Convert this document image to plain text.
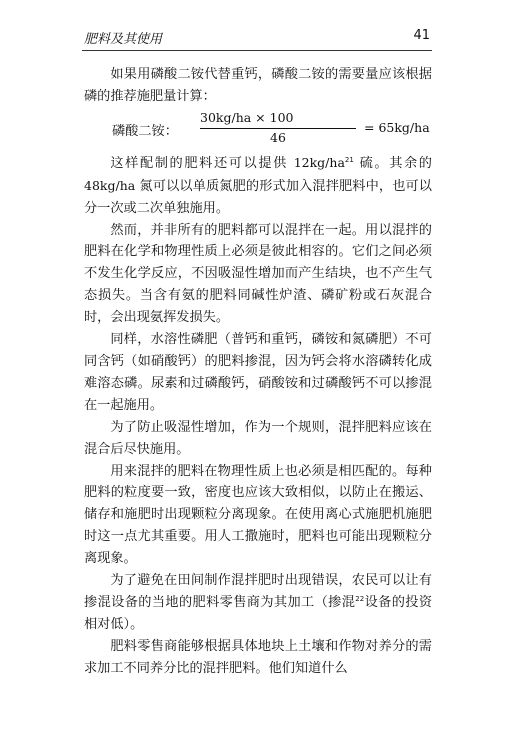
肥料及其使用	41

如果用磷酸二铵代替重钙，磷酸二铵的需要量应该根据磷的推荐施肥量计算：

磷酸二铵：
30kg/ha × 100
46
= 65kg/ha

这样配制的肥料还可以提供 $12kg/ha^{21}$ 硫。其余的 48kg/ha 氮可以以单质氮肥的形式加入混拌肥料中，也可以分一次或二次单独施用。

然而，并非所有的肥料都可以混拌在一起。用以混拌的肥料在化学和物理性质上必须是彼此相容的。它们之间必须不发生化学反应，不因吸湿性增加而产生结块，也不产生气态损失。当含有氨的肥料同碱性炉渣、磷矿粉或石灰混合时，会出现氨挥发损失。

同样，水溶性磷肥（普钙和重钙，磷铵和氮磷肥）不可同含钙（如硝酸钙）的肥料掺混，因为钙会将水溶磷转化成难溶态磷。尿素和过磷酸钙，硝酸铵和过磷酸钙不可以掺混在一起施用。

为了防止吸湿性增加，作为一个规则，混拌肥料应该在混合后尽快施用。

用来混拌的肥料在物理性质上也必须是相匹配的。每种肥料的粒度要一致，密度也应该大致相似，以防止在搬运、储存和施肥时出现颗粒分离现象。在使用离心式施肥机施肥时这一点尤其重要。用人工撒施时，肥料也可能出现颗粒分离现象。

为了避免在田间制作混拌肥时出现错误，农民可以让有掺混设备的当地的肥料零售商为其加工（掺混$^{22}$设备的投资相对低）。

肥料零售商能够根据具体地块上土壤和作物对养分的需求加工不同养分比的混拌肥料。他们知道什么
